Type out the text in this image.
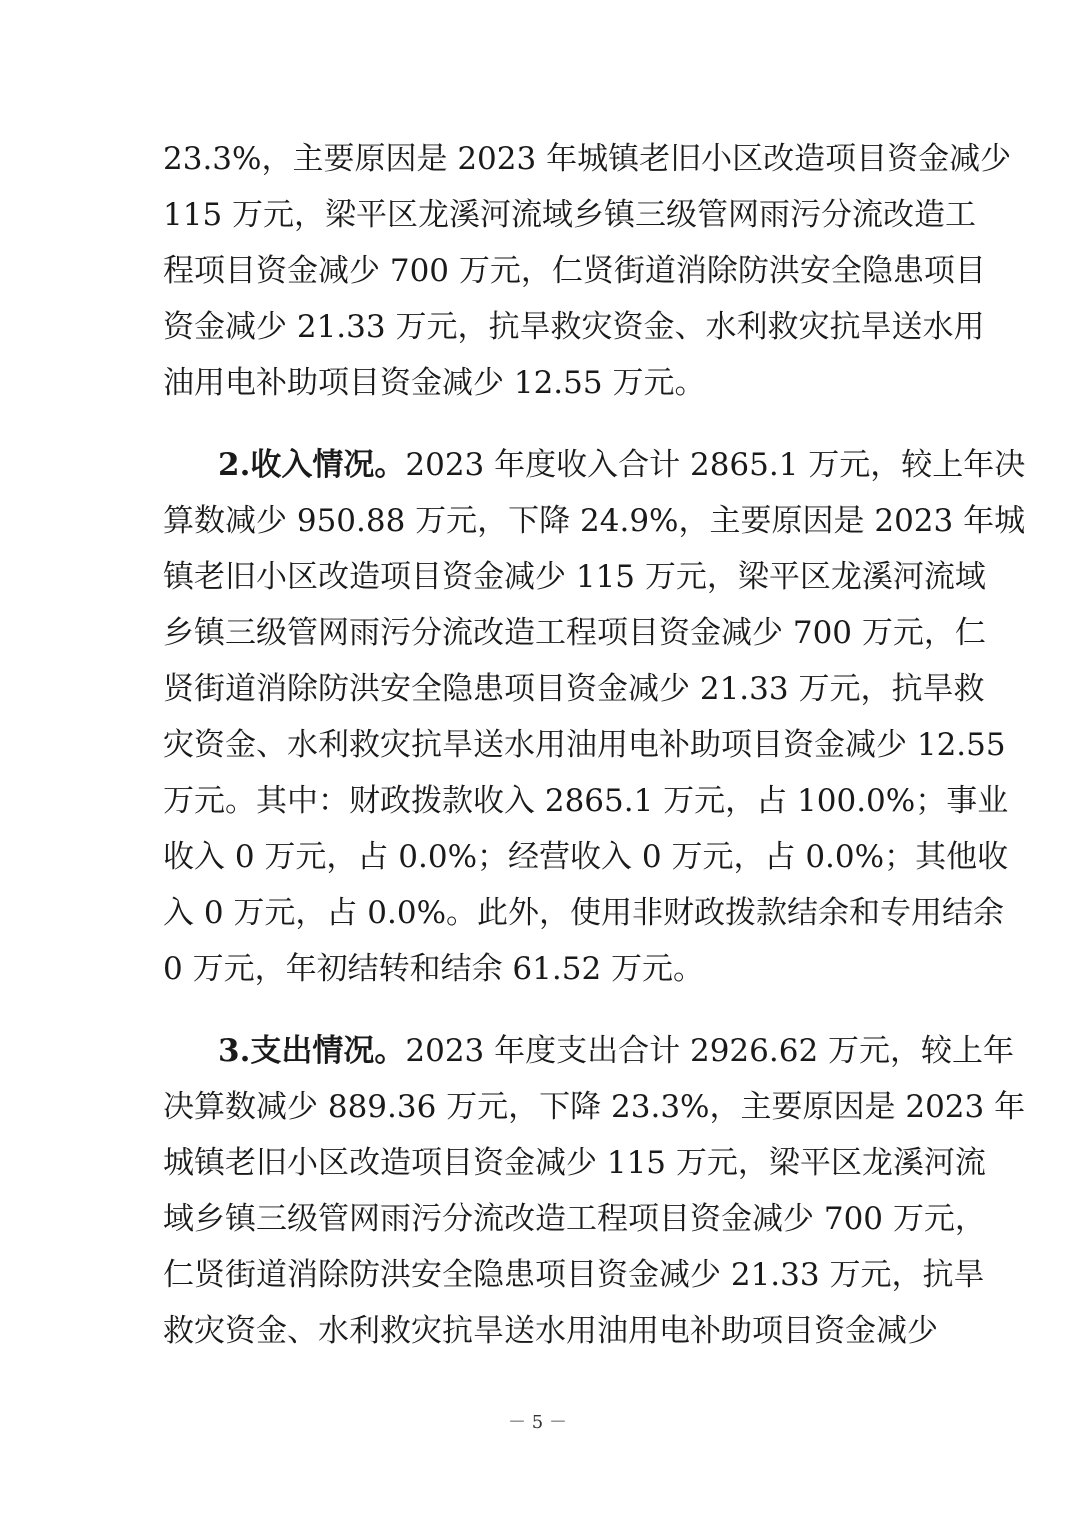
23.3%，主要原因是 2023 年城镇老旧小区改造项目资金减少
115 万元，梁平区龙溪河流域乡镇三级管网雨污分流改造工
程项目资金减少 700 万元，仁贤街道消除防洪安全隐患项目
资金减少 21.33 万元，抗旱救灾资金、水利救灾抗旱送水用
油用电补助项目资金减少 12.55 万元。
2.收入情况。2023 年度收入合计 2865.1 万元，较上年决
算数减少 950.88 万元，下降 24.9%，主要原因是 2023 年城
镇老旧小区改造项目资金减少 115 万元，梁平区龙溪河流域
乡镇三级管网雨污分流改造工程项目资金减少 700 万元，仁
贤街道消除防洪安全隐患项目资金减少 21.33 万元，抗旱救
灾资金、水利救灾抗旱送水用油用电补助项目资金减少 12.55
万元。其中：财政拨款收入 2865.1 万元，占 100.0%；事业
收入 0 万元，占 0.0%；经营收入 0 万元，占 0.0%；其他收
入 0 万元，占 0.0%。此外，使用非财政拨款结余和专用结余
0 万元，年初结转和结余 61.52 万元。
3.支出情况。2023 年度支出合计 2926.62 万元，较上年
决算数减少 889.36 万元，下降 23.3%，主要原因是 2023 年
城镇老旧小区改造项目资金减少 115 万元，梁平区龙溪河流
域乡镇三级管网雨污分流改造工程项目资金减少 700 万元，
仁贤街道消除防洪安全隐患项目资金减少 21.33 万元，抗旱
救灾资金、水利救灾抗旱送水用油用电补助项目资金减少
－ 5 －
